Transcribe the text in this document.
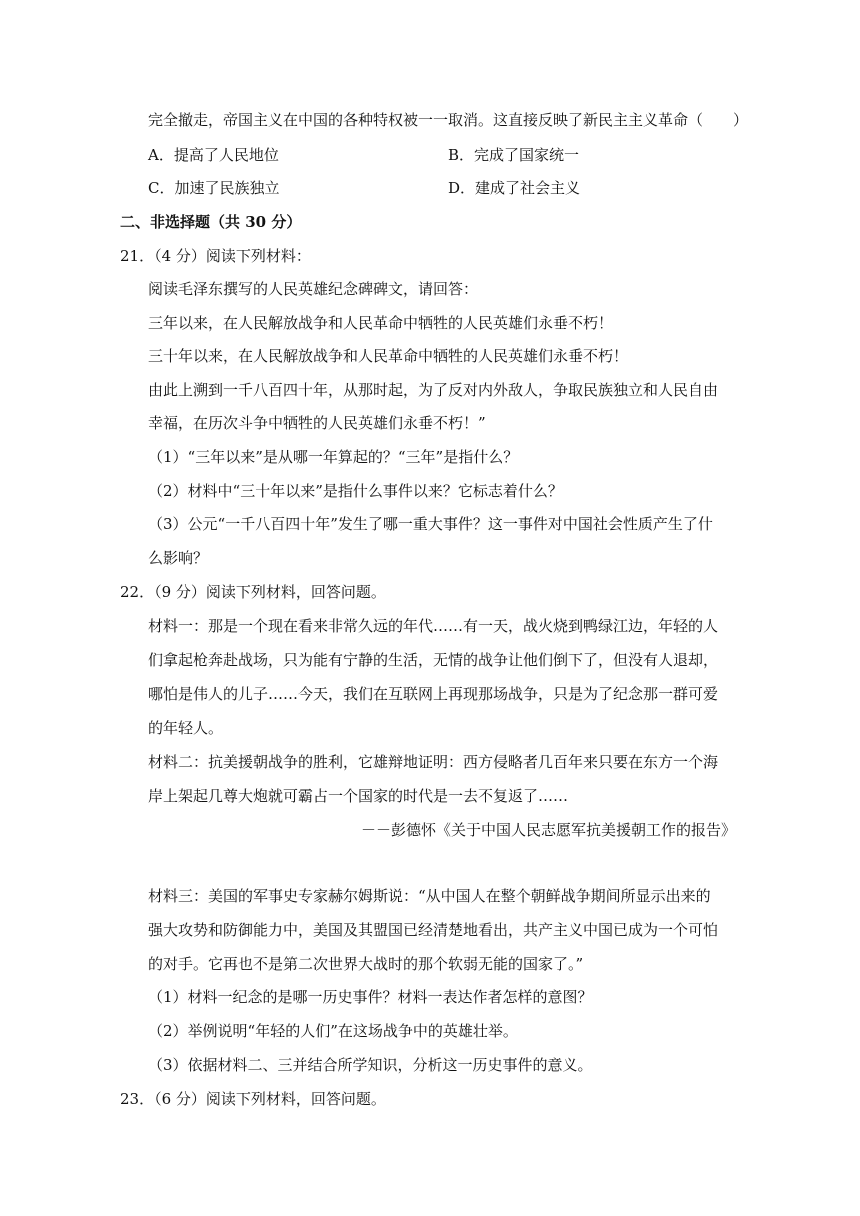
完全撤走，帝国主义在中国的各种特权被一一取消。这直接反映了新民主主义革命（　　）
A．提高了人民地位	B．完成了国家统一
C．加速了民族独立	D．建成了社会主义
二、非选择题（共 30 分）
21．（4 分）阅读下列材料：
阅读毛泽东撰写的人民英雄纪念碑碑文，请回答：
三年以来，在人民解放战争和人民革命中牺牲的人民英雄们永垂不朽！
三十年以来，在人民解放战争和人民革命中牺牲的人民英雄们永垂不朽！
由此上溯到一千八百四十年，从那时起，为了反对内外敌人，争取民族独立和人民自由
幸福，在历次斗争中牺牲的人民英雄们永垂不朽！”
（1）“三年以来”是从哪一年算起的？“三年”是指什么？
（2）材料中“三十年以来”是指什么事件以来？它标志着什么？
（3）公元“一千八百四十年”发生了哪一重大事件？这一事件对中国社会性质产生了什
么影响？
22．（9 分）阅读下列材料，回答问题。
材料一：那是一个现在看来非常久远的年代……有一天，战火烧到鸭绿江边，年轻的人
们拿起枪奔赴战场，只为能有宁静的生活，无情的战争让他们倒下了，但没有人退却，
哪怕是伟人的儿子……今天，我们在互联网上再现那场战争，只是为了纪念那一群可爱
的年轻人。
材料二：抗美援朝战争的胜利，它雄辩地证明：西方侵略者几百年来只要在东方一个海
岸上架起几尊大炮就可霸占一个国家的时代是一去不复返了……
－－彭德怀《关于中国人民志愿军抗美援朝工作的报告》
材料三：美国的军事史专家赫尔姆斯说：“从中国人在整个朝鲜战争期间所显示出来的
强大攻势和防御能力中，美国及其盟国已经清楚地看出，共产主义中国已成为一个可怕
的对手。它再也不是第二次世界大战时的那个软弱无能的国家了。”
（1）材料一纪念的是哪一历史事件？材料一表达作者怎样的意图？
（2）举例说明“年轻的人们”在这场战争中的英雄壮举。
（3）依据材料二、三并结合所学知识，分析这一历史事件的意义。
23．（6 分）阅读下列材料，回答问题。
